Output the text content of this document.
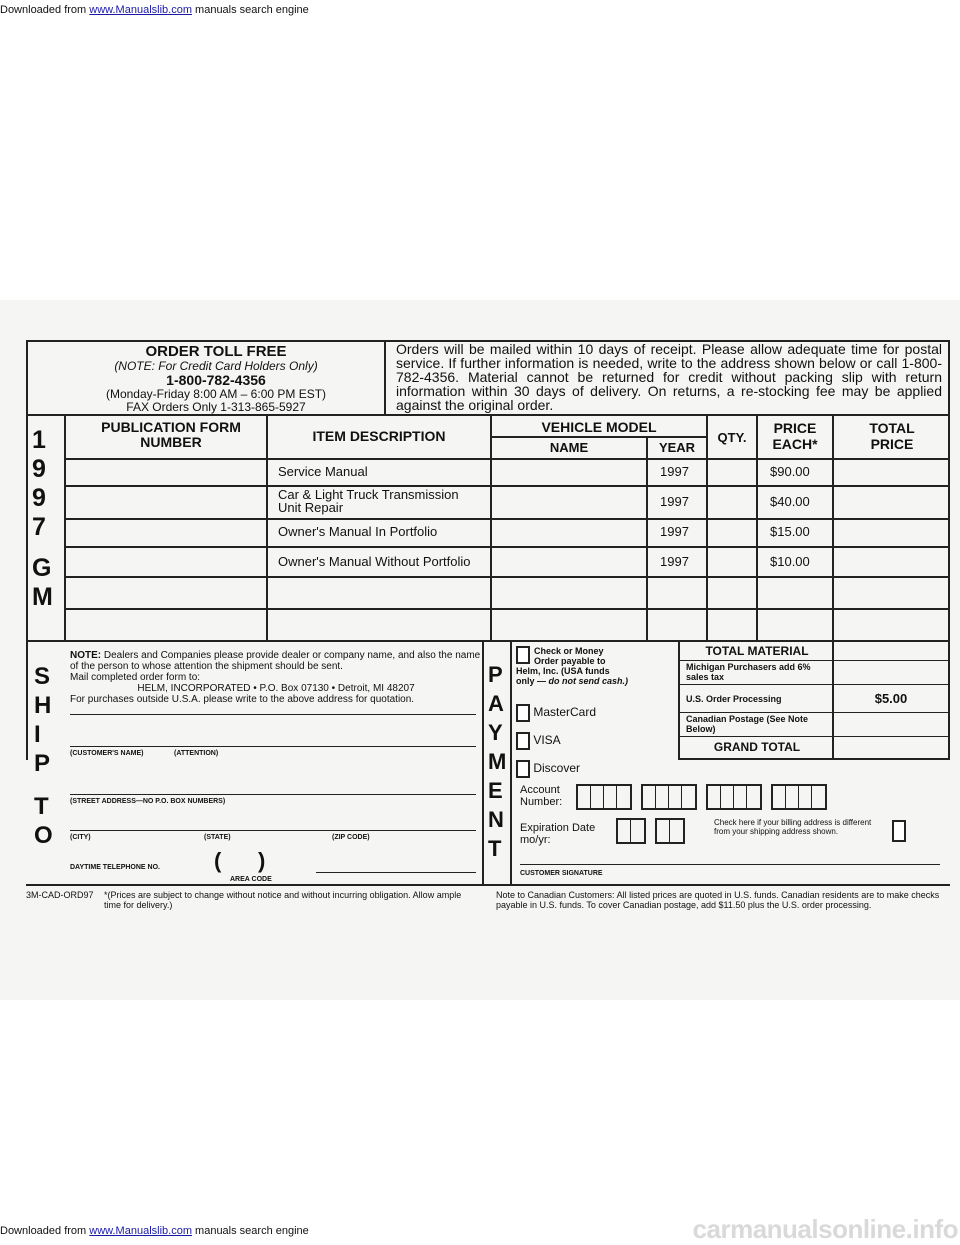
Downloaded from www.Manualslib.com manuals search engine
ORDER TOLL FREE
(NOTE: For Credit Card Holders Only)
1-800-782-4356
(Monday-Friday 8:00 AM – 6:00 PM EST)
FAX Orders Only 1-313-865-5927
Orders will be mailed within 10 days of receipt. Please allow adequate time for postal service. If further information is needed, write to the address shown below or call 1-800-782-4356. Material cannot be returned for credit without packing slip with return information within 30 days of delivery. On returns, a re-stocking fee may be applied against the original order.
1
9
9
7
G
M
PUBLICATION FORM NUMBER	ITEM DESCRIPTION
VEHICLE MODEL
NAME	YEAR
QTY.
PRICE EACH*
TOTAL PRICE
Service Manual	1997	$90.00
Car & Light Truck Transmission Unit Repair	1997	$40.00
Owner's Manual In Portfolio	1997	$15.00
Owner's Manual Without Portfolio	1997	$10.00
S
H
I
P
T
O
NOTE: Dealers and Companies please provide dealer or company name, and also the name of the person to whose attention the shipment should be sent.
Mail completed order form to:
HELM, INCORPORATED • P.O. Box 07130 • Detroit, MI 48207
For purchases outside U.S.A. please write to the above address for quotation.
(CUSTOMER'S NAME)	(ATTENTION)
(STREET ADDRESS—NO P.O. BOX NUMBERS)
(CITY)	(STATE)	(ZIP CODE)
DAYTIME TELEPHONE NO. (      )
AREA CODE
P
A
Y
M
E
N
T
Check or Money
Order payable to
Helm, Inc. (USA funds
only — do not send cash.)
MasterCard
VISA
Discover
TOTAL MATERIAL
Michigan Purchasers add 6% sales tax
U.S. Order Processing	$5.00
Canadian Postage (See Note Below)
GRAND TOTAL
Account Number:
Expiration Date mo/yr:
Check here if your billing address is different from your shipping address shown.
CUSTOMER SIGNATURE
3M-CAD-ORD97 *(Prices are subject to change without notice and without incurring obligation. Allow ample time for delivery.)
Note to Canadian Customers: All listed prices are quoted in U.S. funds. Canadian residents are to make checks payable in U.S. funds. To cover Canadian postage, add $11.50 plus the U.S. order processing.
carmanualsonline.info
Downloaded from www.Manualslib.com manuals search engine
